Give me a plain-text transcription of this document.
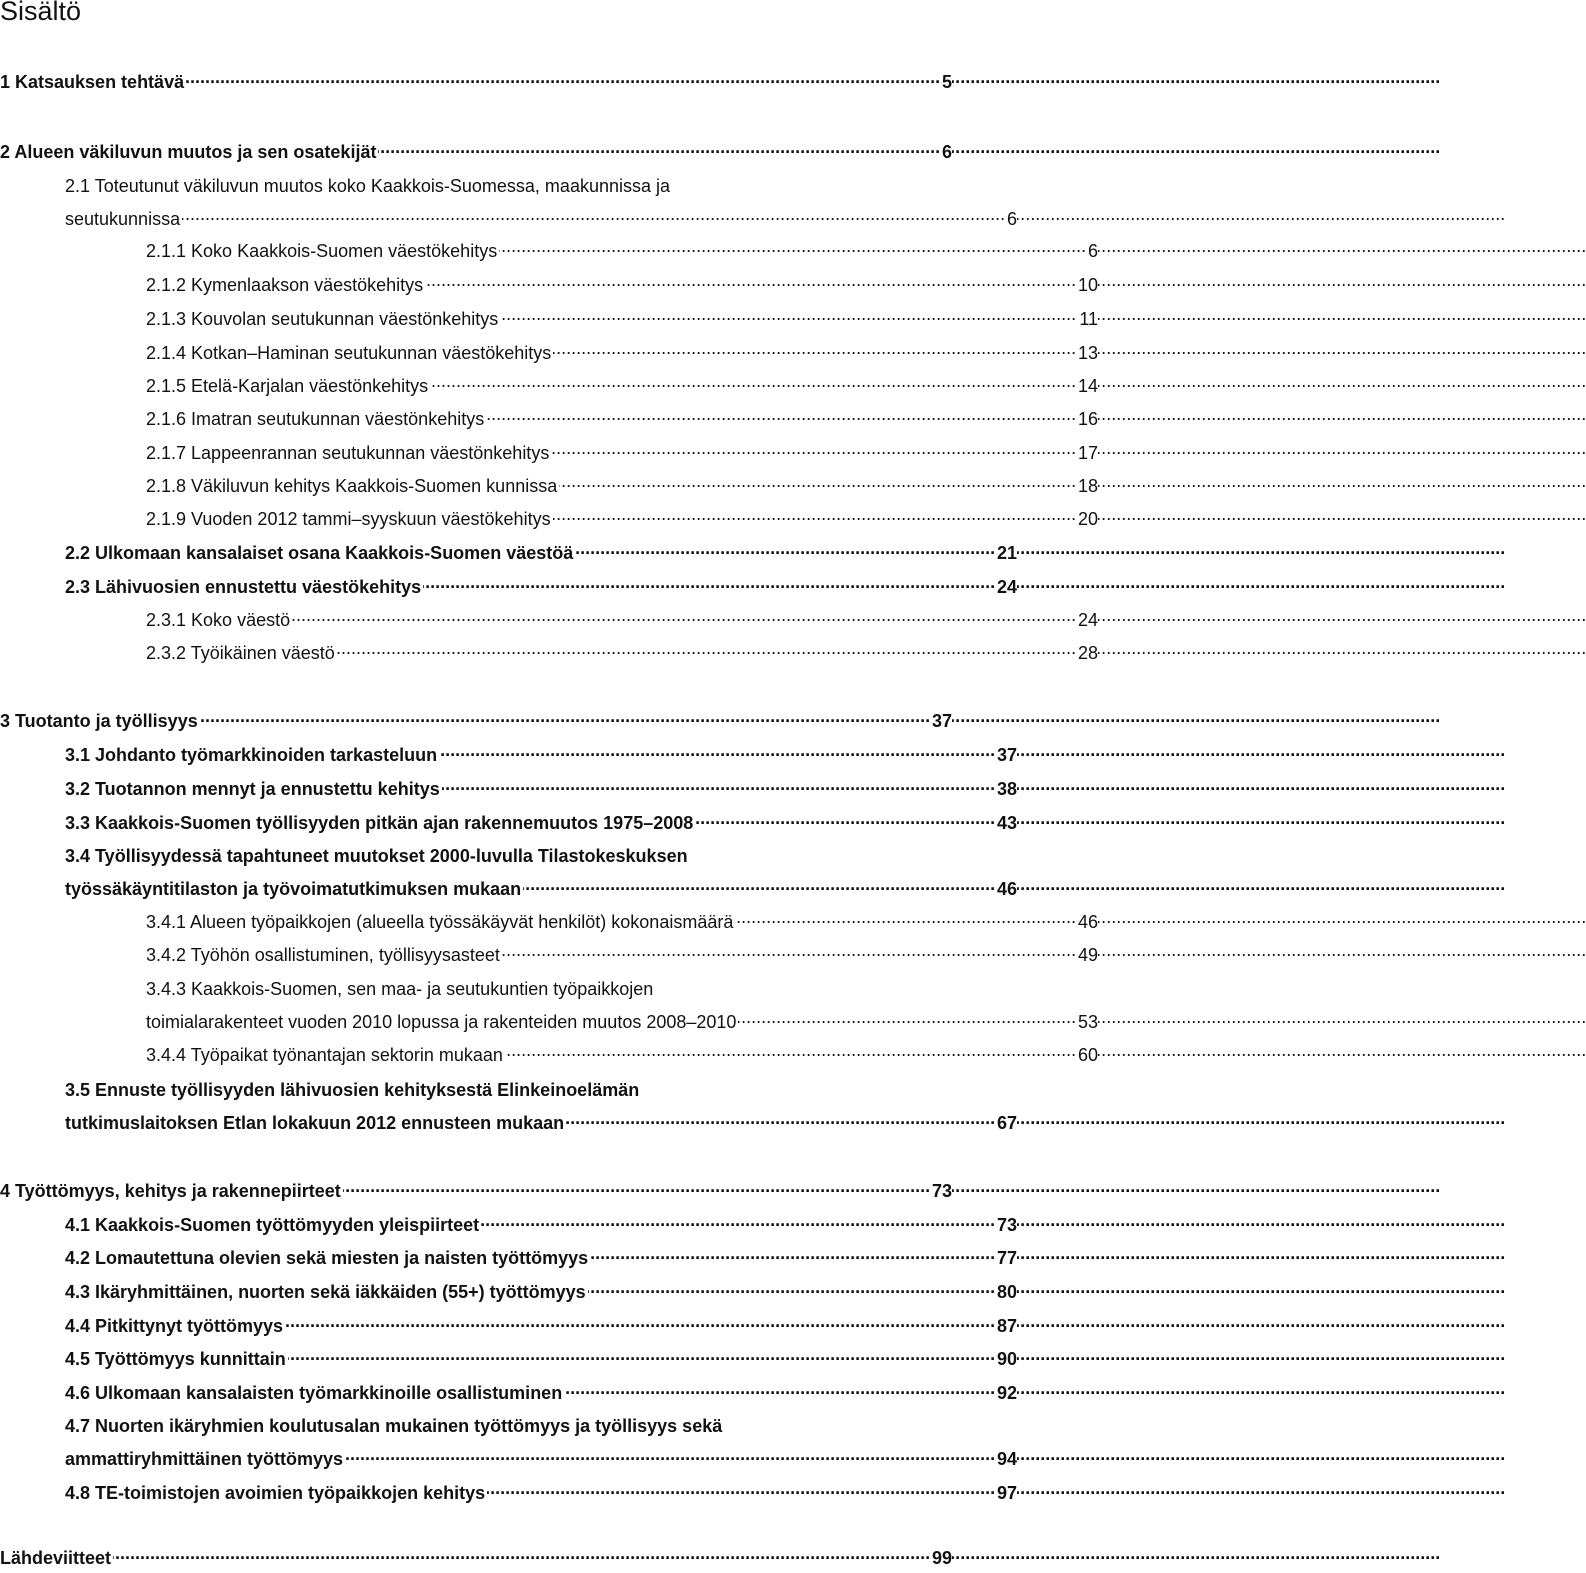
Sisältö
.....
1 Katsauksen tehtävä	5
.....
2 Alueen väkiluvun muutos ja sen osatekijät	6
2.1 Toteutunut väkiluvun muutos koko Kaakkois-Suomessa, maakunnissa ja
.....
seutukunnissa	6
.....
2.1.1 Koko Kaakkois-Suomen väestökehitys	6
.....
2.1.2 Kymenlaakson väestökehitys	10
.....
2.1.3 Kouvolan seutukunnan väestönkehitys	11
.....
2.1.4 Kotkan–Haminan seutukunnan väestökehitys	13
.....
2.1.5 Etelä-Karjalan väestönkehitys	14
.....
2.1.6 Imatran seutukunnan väestönkehitys	16
.....
2.1.7 Lappeenrannan seutukunnan väestönkehitys	17
.....
2.1.8 Väkiluvun kehitys Kaakkois-Suomen kunnissa	18
.....
2.1.9 Vuoden 2012 tammi–syyskuun väestökehitys	20
.....
2.2 Ulkomaan kansalaiset osana Kaakkois-Suomen väestöä	21
.....
2.3 Lähivuosien ennustettu väestökehitys	24
.....
2.3.1 Koko väestö	24
.....
2.3.2 Työikäinen väestö	28
.....
3 Tuotanto ja työllisyys	37
.....
3.1 Johdanto työmarkkinoiden tarkasteluun	37
.....
3.2 Tuotannon mennyt ja ennustettu kehitys	38
.....
3.3 Kaakkois-Suomen työllisyyden pitkän ajan rakennemuutos 1975–2008	43
3.4 Työllisyydessä tapahtuneet muutokset 2000-luvulla Tilastokeskuksen
.....
työssäkäyntitilaston ja työvoimatutkimuksen mukaan	46
.....
3.4.1 Alueen työpaikkojen (alueella työssäkäyvät henkilöt) kokonaismäärä	46
.....
3.4.2 Työhön osallistuminen, työllisyysasteet	49
3.4.3 Kaakkois-Suomen, sen maa- ja seutukuntien työpaikkojen
.....
toimialarakenteet vuoden 2010 lopussa ja rakenteiden muutos 2008–2010	53
.....
3.4.4 Työpaikat työnantajan sektorin mukaan	60
3.5 Ennuste työllisyyden lähivuosien kehityksestä Elinkeinoelämän
.....
tutkimuslaitoksen Etlan lokakuun 2012 ennusteen mukaan	67
.....
4 Työttömyys, kehitys ja rakennepiirteet	73
.....
4.1 Kaakkois-Suomen työttömyyden yleispiirteet	73
.....
4.2 Lomautettuna olevien sekä miesten ja naisten työttömyys	77
.....
4.3 Ikäryhmittäinen, nuorten sekä iäkkäiden (55+) työttömyys	80
.....
4.4 Pitkittynyt työttömyys	87
.....
4.5 Työttömyys kunnittain	90
.....
4.6 Ulkomaan kansalaisten työmarkkinoille osallistuminen	92
4.7 Nuorten ikäryhmien koulutusalan mukainen työttömyys ja työllisyys sekä
.....
ammattiryhmittäinen työttömyys	94
.....
4.8 TE-toimistojen avoimien työpaikkojen kehitys	97
.....
Lähdeviitteet	99
